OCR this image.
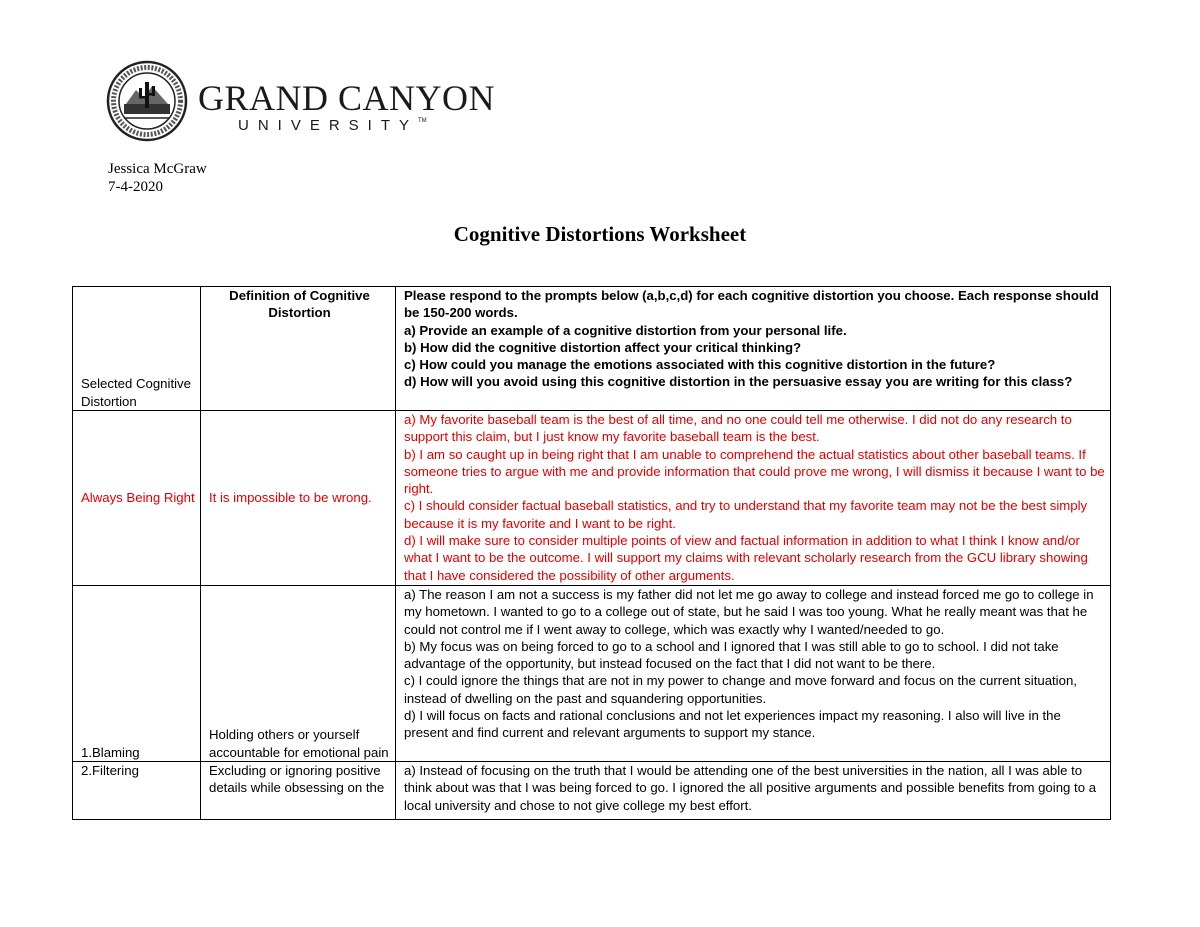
GRAND CANYON
UNIVERSITY™
Jessica McGraw
7-4-2020
Cognitive Distortions Worksheet
Selected Cognitive Distortion	Definition of Cognitive Distortion	Please respond to the prompts below (a,b,c,d) for each cognitive distortion you choose. Each response should be 150-200 words.
a) Provide an example of a cognitive distortion from your personal life.
b) How did the cognitive distortion affect your critical thinking?
c) How could you manage the emotions associated with this cognitive distortion in the future?
d) How will you avoid using this cognitive distortion in the persuasive essay you are writing for this class?

Always Being Right	It is impossible to be wrong.	a) My favorite baseball team is the best of all time, and no one could tell me otherwise. I did not do any research to support this claim, but I just know my favorite baseball team is the best.
b) I am so caught up in being right that I am unable to comprehend the actual statistics about other baseball teams. If someone tries to argue with me and provide information that could prove me wrong, I will dismiss it because I want to be right.
c) I should consider factual baseball statistics, and try to understand that my favorite team may not be the best simply because it is my favorite and I want to be right.
d) I will make sure to consider multiple points of view and factual information in addition to what I think I know and/or what I want to be the outcome. I will support my claims with relevant scholarly research from the GCU library showing that I have considered the possibility of other arguments.

1.Blaming	Holding others or yourself accountable for emotional pain	a) The reason I am not a success is my father did not let me go away to college and instead forced me go to college in my hometown. I wanted to go to a college out of state, but he said I was too young. What he really meant was that he could not control me if I went away to college, which was exactly why I wanted/needed to go.
b) My focus was on being forced to go to a school and I ignored that I was still able to go to school. I did not take advantage of the opportunity, but instead focused on the fact that I did not want to be there.
c) I could ignore the things that are not in my power to change and move forward and focus on the current situation, instead of dwelling on the past and squandering opportunities.
d) I will focus on facts and rational conclusions and not let experiences impact my reasoning. I also will live in the present and find current and relevant arguments to support my stance.

2.Filtering	Excluding or ignoring positive details while obsessing on the	a) Instead of focusing on the truth that I would be attending one of the best universities in the nation, all I was able to think about was that I was being forced to go. I ignored the all positive arguments and possible benefits from going to a local university and chose to not give college my best effort.
